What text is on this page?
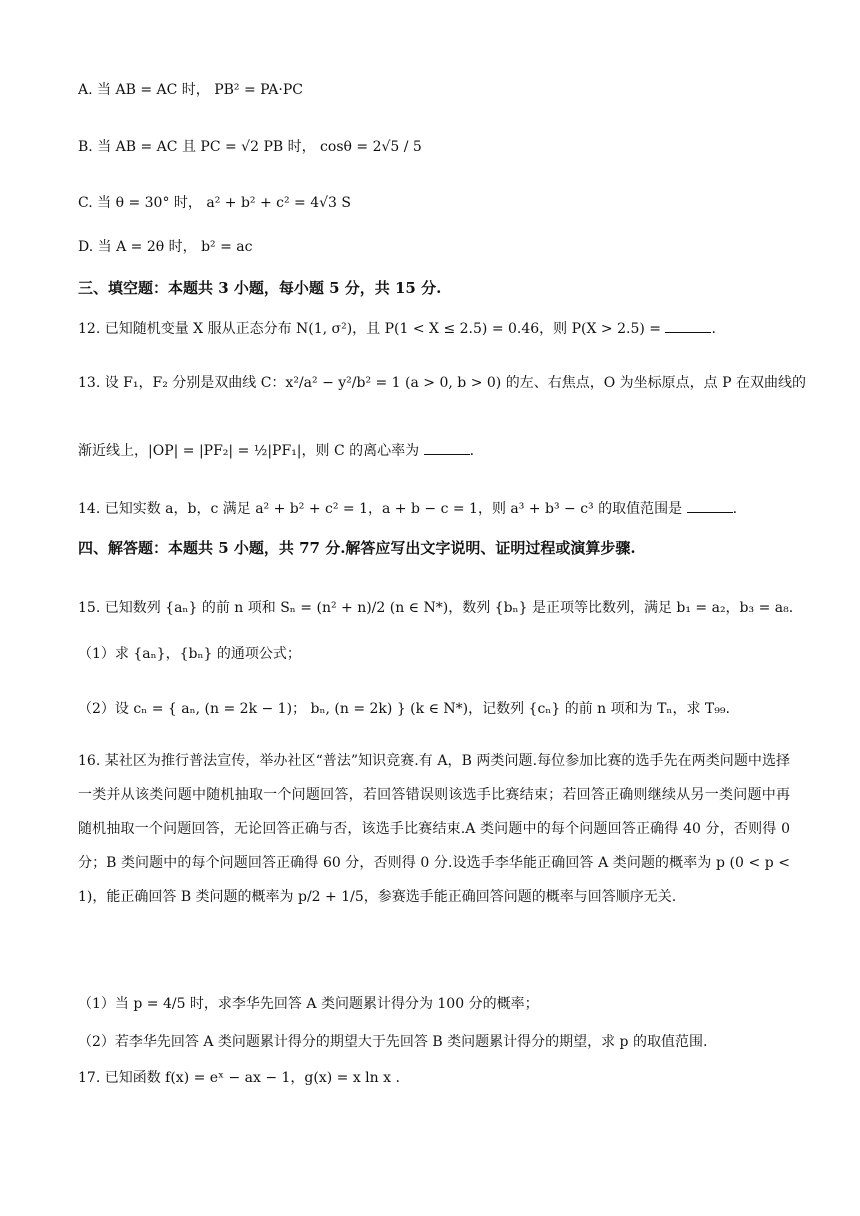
A. 当 AB = AC 时， PB² = PA·PC
B. 当 AB = AC 且 PC = √2 PB 时， cosθ = 2√5 / 5
C. 当 θ = 30° 时， a² + b² + c² = 4√3 S
D. 当 A = 2θ 时， b² = ac
三、填空题：本题共 3 小题，每小题 5 分，共 15 分.
12. 已知随机变量 X 服从正态分布 N(1, σ²)，且 P(1 < X ≤ 2.5) = 0.46，则 P(X > 2.5) =	.
13. 设 F₁，F₂ 分别是双曲线 C：x²/a² − y²/b² = 1 (a > 0, b > 0) 的左、右焦点，O 为坐标原点，点 P 在双曲线的
渐近线上，|OP| = |PF₂| = ½|PF₁|，则 C 的离心率为	.
14. 已知实数 a，b，c 满足 a² + b² + c² = 1，a + b − c = 1，则 a³ + b³ − c³ 的取值范围是	.
四、解答题：本题共 5 小题，共 77 分.解答应写出文字说明、证明过程或演算步骤.
15. 已知数列 {aₙ} 的前 n 项和 Sₙ = (n² + n)/2 (n ∈ N*)，数列 {bₙ} 是正项等比数列，满足 b₁ = a₂，b₃ = a₈.
（1）求 {aₙ}，{bₙ} 的通项公式；
（2）设 cₙ = { aₙ, (n = 2k − 1)； bₙ, (n = 2k) } (k ∈ N*)，记数列 {cₙ} 的前 n 项和为 Tₙ，求 T₉₉.
16. 某社区为推行普法宣传，举办社区“普法”知识竞赛.有 A，B 两类问题.每位参加比赛的选手先在两类问题中选择一类并从该类问题中随机抽取一个问题回答，若回答错误则该选手比赛结束；若回答正确则继续从另一类问题中再随机抽取一个问题回答，无论回答正确与否，该选手比赛结束.A 类问题中的每个问题回答正确得 40 分，否则得 0 分；B 类问题中的每个问题回答正确得 60 分，否则得 0 分.设选手李华能正确回答 A 类问题的概率为 p (0 < p < 1)，能正确回答 B 类问题的概率为 p/2 + 1/5，参赛选手能正确回答问题的概率与回答顺序无关.
（1）当 p = 4/5 时，求李华先回答 A 类问题累计得分为 100 分的概率；
（2）若李华先回答 A 类问题累计得分的期望大于先回答 B 类问题累计得分的期望，求 p 的取值范围.
17. 已知函数 f(x) = eˣ − ax − 1，g(x) = x ln x .
